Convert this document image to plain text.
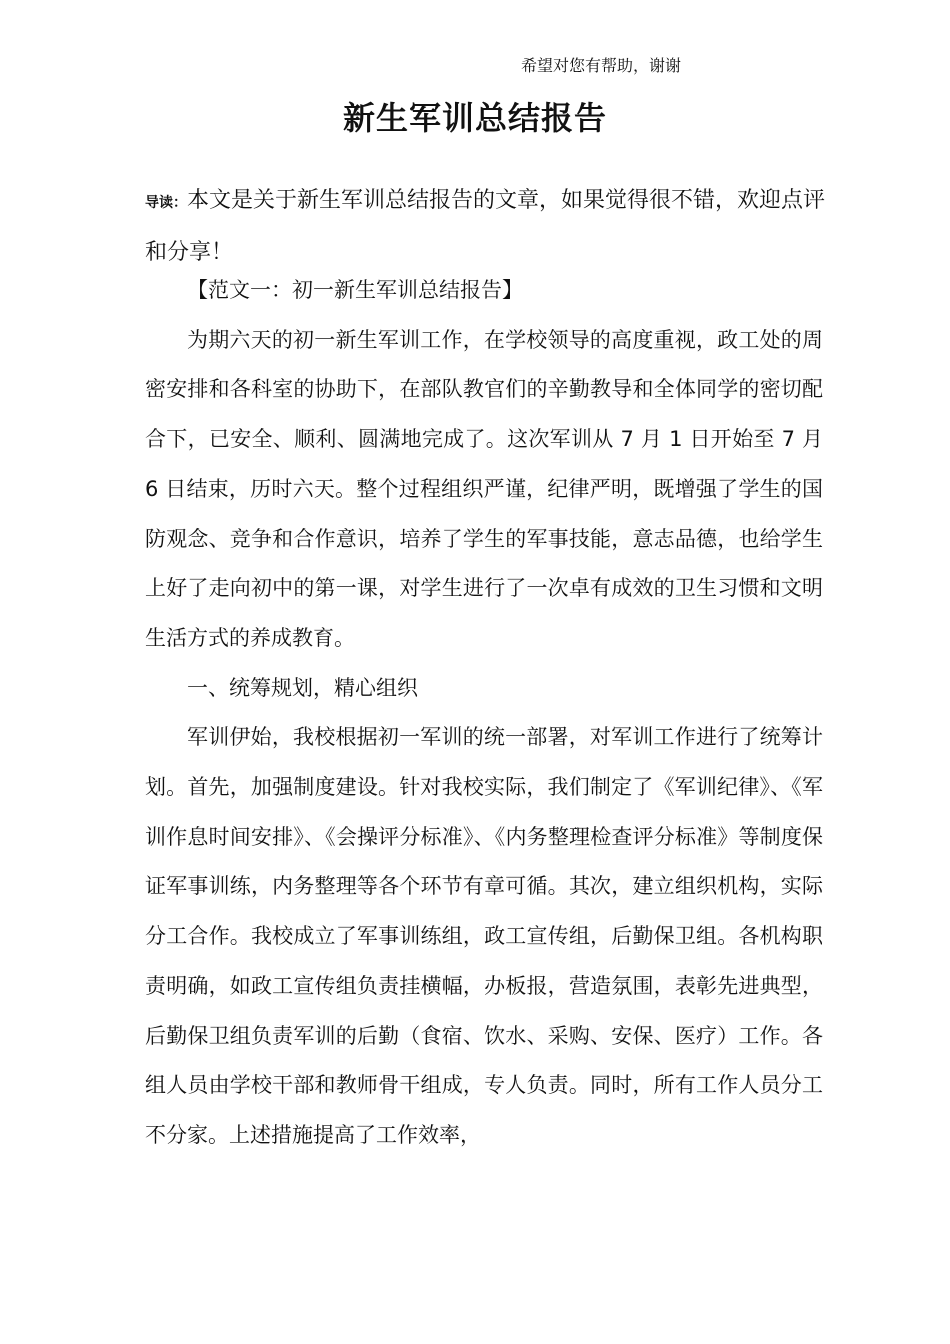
希望对您有帮助，谢谢
新生军训总结报告
导读：本文是关于新生军训总结报告的文章，如果觉得很不错，欢迎点评和分享！

【范文一：初一新生军训总结报告】

为期六天的初一新生军训工作，在学校领导的高度重视，政工处的周密安排和各科室的协助下，在部队教官们的辛勤教导和全体同学的密切配合下，已安全、顺利、圆满地完成了。这次军训从 7 月 1 日开始至 7 月 6 日结束，历时六天。整个过程组织严谨，纪律严明，既增强了学生的国防观念、竞争和合作意识，培养了学生的军事技能，意志品德，也给学生上好了走向初中的第一课，对学生进行了一次卓有成效的卫生习惯和文明生活方式的养成教育。

一、统筹规划，精心组织

军训伊始，我校根据初一军训的统一部署，对军训工作进行了统筹计划。首先，加强制度建设。针对我校实际，我们制定了《军训纪律》、《军训作息时间安排》、《会操评分标准》、《内务整理检查评分标准》等制度保证军事训练，内务整理等各个环节有章可循。其次，建立组织机构，实际分工合作。我校成立了军事训练组，政工宣传组，后勤保卫组。各机构职责明确，如政工宣传组负责挂横幅，办板报，营造氛围，表彰先进典型，后勤保卫组负责军训的后勤（食宿、饮水、采购、安保、医疗）工作。各组人员由学校干部和教师骨干组成，专人负责。同时，所有工作人员分工不分家。上述措施提高了工作效率，
